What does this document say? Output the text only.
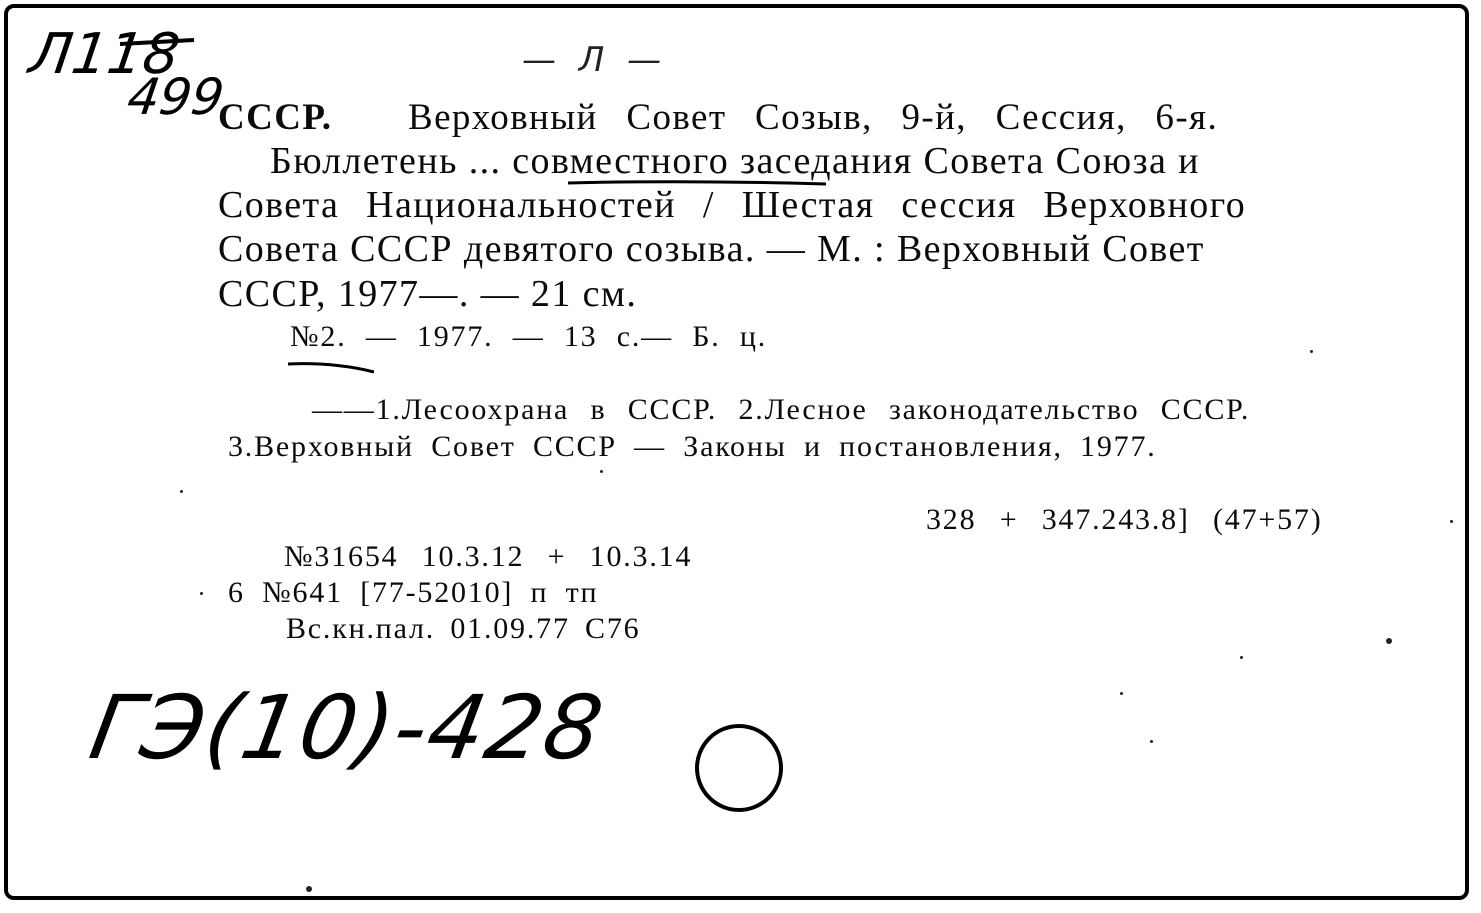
Л118
499
— Л —
СССР. Верховный Совет Созыв, 9-й, Сессия, 6-я.
Бюллетень ... совместного заседания Совета Союза и
Совета Национальностей / Шестая сессия Верховного
Совета СССР девятого созыва. — М. : Верховный Совет
СССР, 1977—. — 21 см.
№2. — 1977. — 13 с.— Б. ц.
——1.Лесоохрана в СССР. 2.Лесное законодательство СССР.
3.Верховный Совет СССР — Законы и постановления, 1977.
328 + 347.243.8] (47+57)
№31654 10.3.12 + 10.3.14
6 №641 [77-52010] п тп
Вс.кн.пал. 01.09.77 С76
ГЭ(10)-428
